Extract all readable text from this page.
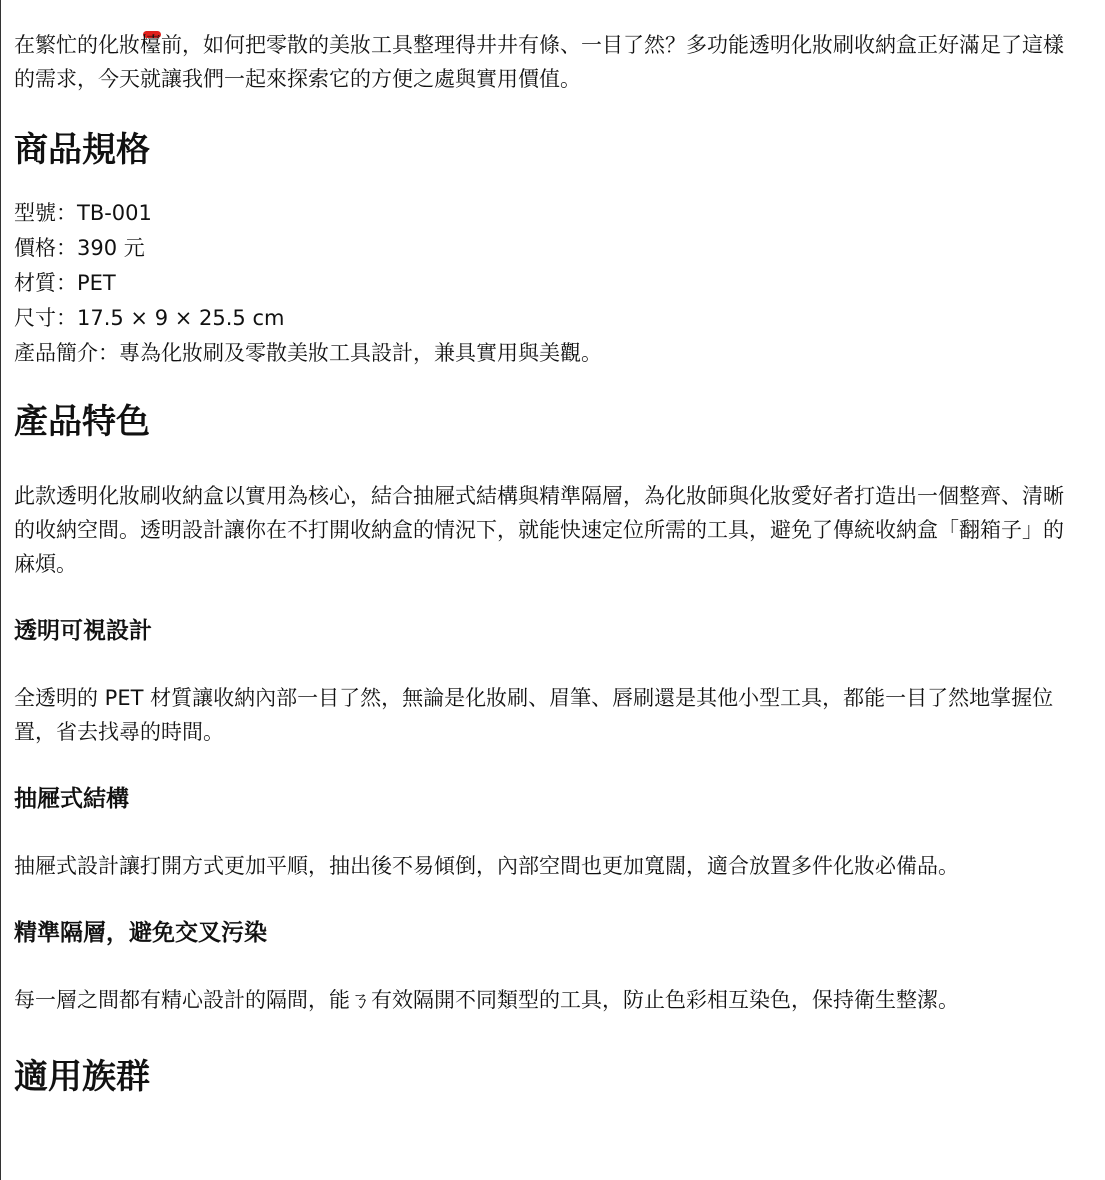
在繁忙的化妝檯前，如何把零散的美妝工具整理得井井有條、一目了然？多功能透明化妝刷收納盒正好滿足了這樣的需求，今天就讓我們一起來探索它的方便之處與實用價值。

商品規格
型號：TB-001
價格：390 元
材質：PET
尺寸：17.5 × 9 × 25.5 cm
產品簡介：專為化妝刷及零散美妝工具設計，兼具實用與美觀。
產品特色

此款透明化妝刷收納盒以實用為核心，結合抽屜式結構與精準隔層，為化妝師與化妝愛好者打造出一個整齊、清晰的收納空間。透明設計讓你在不打開收納盒的情況下，就能快速定位所需的工具，避免了傳統收納盒「翻箱子」的麻煩。

透明可視設計

全透明的 PET 材質讓收納內部一目了然，無論是化妝刷、眉筆、唇刷還是其他小型工具，都能一目了然地掌握位置，省去找尋的時間。

抽屜式結構

抽屜式設計讓打開方式更加平順，抽出後不易傾倒，內部空間也更加寬闊，適合放置多件化妝必備品。

精準隔層，避免交叉污染

每一層之間都有精心設計的隔間，能ㄋ有效隔開不同類型的工具，防止色彩相互染色，保持衛生整潔。

適用族群
